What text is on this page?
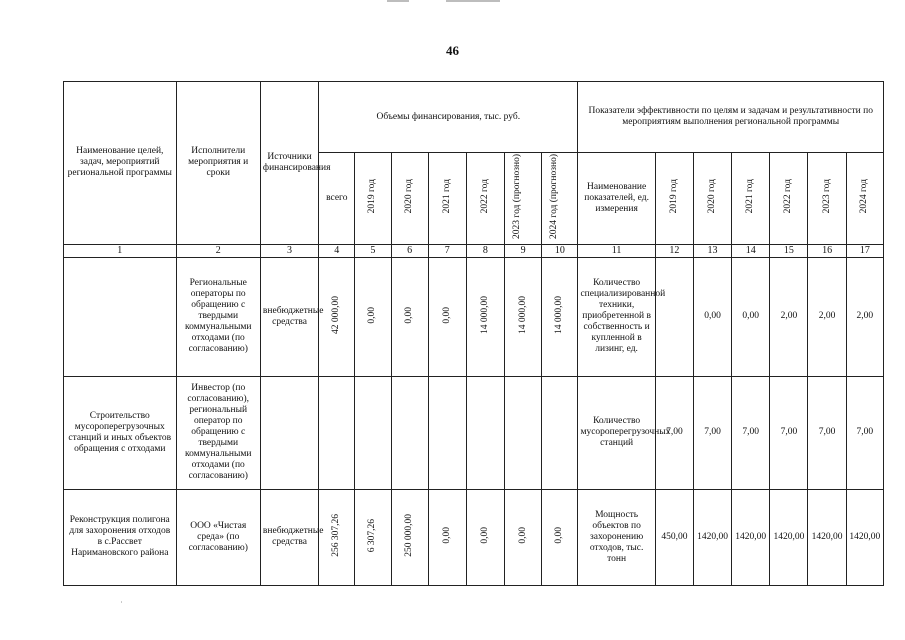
46
Наименование целей, задач, мероприятий региональной программы	Исполнители мероприятия и сроки	Источники финансирования	Объемы финансирования, тыс. руб.							Показатели эффективности по целям и задачам и результативности по мероприятиям выполнения региональной программы						
			всего	2019 год	2020 год	2021 год	2022 год	2023 год (прогнозно)	2024 год (прогнозно)	Наименование показателей, ед. измерения	2019 год	2020 год	2021 год	2022 год	2023 год	2024 год
1	2	3	4	5	6	7	8	9	10	11	12	13	14	15	16	17
	Региональные операторы по обращению с твердыми коммунальными отходами (по согласованию)	внебюджетные средства	42 000,00	0,00	0,00	0,00	14 000,00	14 000,00	14 000,00	Количество специализированной техники, приобретенной в собственность и купленной в лизинг, ед.		0,00	0,00	2,00	2,00	2,00
Строительство мусороперегрузочных станций и иных объектов обращения с отходами	Инвестор (по согласованию), региональный оператор по обращению с твердыми коммунальными отходами (по согласованию)									Количество мусороперегрузочных станций	7,00	7,00	7,00	7,00	7,00	7,00
Реконструкция полигона для захоронения отходов в с.Рассвет Наримановского района	ООО «Чистая среда» (по согласованию)	внебюджетные средства	256 307,26	6 307,26	250 000,00	0,00	0,00	0,00	0,00	Мощность объектов по захоронению отходов, тыс. тонн	450,00	1420,00	1420,00	1420,00	1420,00	1420,00
˙
